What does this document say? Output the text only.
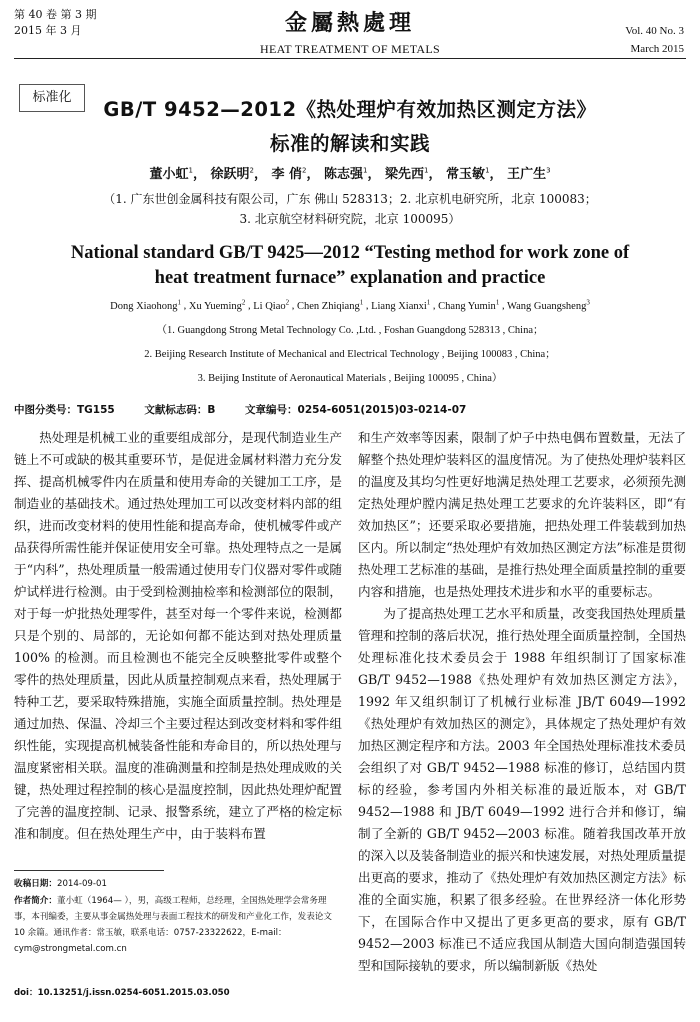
第 40 卷 第 3 期
2015 年 3 月	金屬熱處理
HEAT TREATMENT OF METALS
Vol. 40 No. 3
March 2015
标准化
GB/T 9452—2012《热处理炉有效加热区测定方法》
标准的解读和实践
董小虹$^1$， 徐跃明$^2$， 李 俏$^2$， 陈志强$^1$， 梁先西$^1$， 常玉敏$^1$， 王广生$^3$
（1. 广东世创金属科技有限公司，广东 佛山 528313；2. 北京机电研究所，北京 100083；
3. 北京航空材料研究院，北京 100095）
National standard GB/T 9425—2012 “Testing method for work zone of
heat treatment furnace” explanation and practice
Dong Xiaohong$^1$ , Xu Yueming$^2$ , Li Qiao$^2$ , Chen Zhiqiang$^1$ , Liang Xianxi$^1$ , Chang Yumin$^1$ , Wang Guangsheng$^3$
（1. Guangdong Strong Metal Technology Co. ,Ltd. , Foshan Guangdong 528313 , China；
2. Beijing Research Institute of Mechanical and Electrical Technology , Beijing 100083 , China；
3. Beijing Institute of Aeronautical Materials , Beijing 100095 , China）
中图分类号：TG155	文献标志码：B	文章编号：0254-6051(2015)03-0214-07

热处理是机械工业的重要组成部分，是现代制造业生产链上不可或缺的极其重要环节，是促进金属材料潜力充分发挥、提高机械零件内在质量和使用寿命的关键加工工序，是制造业的基础技术。通过热处理加工可以改变材料内部的组织，进而改变材料的使用性能和提高寿命，使机械零件或产品获得所需性能并保证使用安全可靠。热处理特点之一是属于“内科”，热处理质量一般需通过使用专门仪器对零件或随炉试样进行检测。由于受到检测抽检率和检测部位的限制，对于每一炉批热处理零件，甚至对每一个零件来说，检测都只是个别的、局部的，无论如何都不能达到对热处理质量 100% 的检测。而且检测也不能完全反映整批零件或整个零件的热处理质量，因此从质量控制观点来看，热处理属于特种工艺，要采取特殊措施，实施全面质量控制。热处理是通过加热、保温、冷却三个主要过程达到改变材料和零件组织性能，实现提高机械装备性能和寿命目的，所以热处理与温度紧密相关联。温度的准确测量和控制是热处理成败的关键，热处理过程控制的核心是温度控制，因此热处理炉配置了完善的温度控制、记录、报警系统，建立了严格的检定标准和制度。但在热处理生产中，由于装料布置

和生产效率等因素，限制了炉子中热电偶布置数量，无法了解整个热处理炉装料区的温度情况。为了使热处理炉装料区的温度及其均匀性更好地满足热处理工艺要求，必须预先测定热处理炉膛内满足热处理工艺要求的允许装料区，即“有效加热区”；还要采取必要措施，把热处理工件装载到加热区内。所以制定“热处理炉有效加热区测定方法”标准是贯彻热处理工艺标准的基础，是推行热处理全面质量控制的重要内容和措施，也是热处理技术进步和水平的重要标志。

为了提高热处理工艺水平和质量，改变我国热处理质量管理和控制的落后状况，推行热处理全面质量控制，全国热处理标准化技术委员会于 1988 年组织制订了国家标准 GB/T 9452—1988《热处理炉有效加热区测定方法》，1992 年又组织制订了机械行业标准 JB/T 6049—1992《热处理炉有效加热区的测定》，具体规定了热处理炉有效加热区测定程序和方法。2003 年全国热处理标准技术委员会组织了对 GB/T 9452—1988 标准的修订，总结国内贯标的经验，参考国内外相关标准的最近版本，对 GB/T 9452—1988 和 JB/T 6049—1992 进行合并和修订，编制了全新的 GB/T 9452—2003 标准。随着我国改革开放的深入以及装备制造业的振兴和快速发展，对热处理质量提出更高的要求，推动了《热处理炉有效加热区测定方法》标准的全面实施，积累了很多经验。在世界经济一体化形势下，在国际合作中又提出了更多更高的要求，原有 GB/T 9452—2003 标准已不适应我国从制造大国向制造强国转型和国际接轨的要求，所以编制新版《热处

收稿日期：2014-09-01
作者简介：董小虹（1964— ），男，高级工程师，总经理，全国热处理学会常务理事，本刊编委，主要从事金属热处理与表面工程技术的研发和产业化工作，发表论文 10 余篇。通讯作者：常玉敏，联系电话：0757-23322622，E-mail：cym@strongmetal.com.cn
doi：10.13251/j.issn.0254-6051.2015.03.050
